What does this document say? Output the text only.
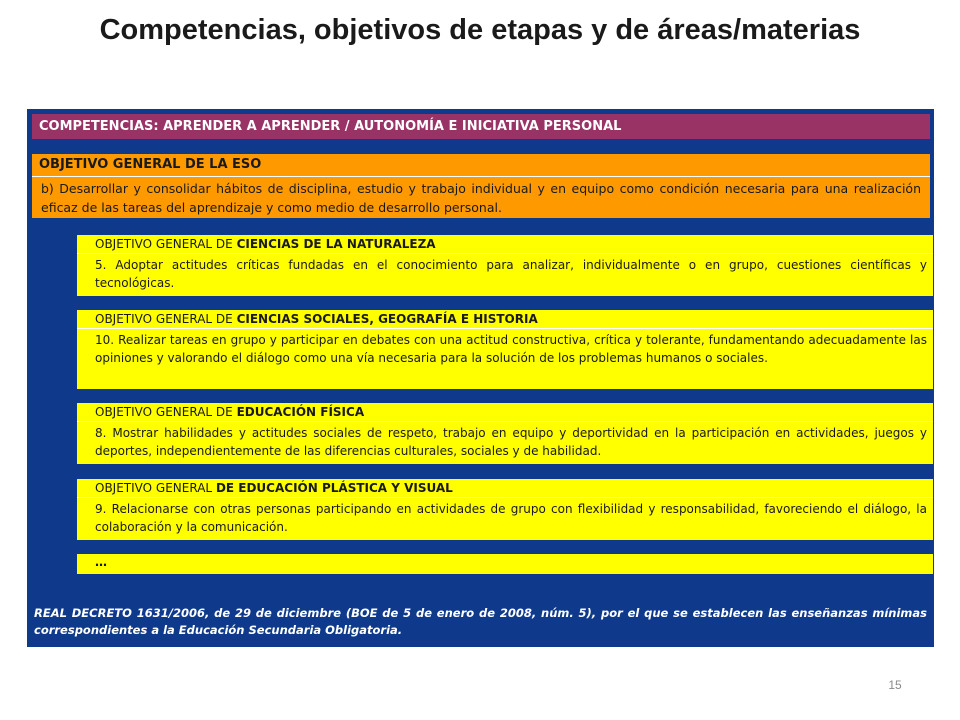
Competencias, objetivos de etapas y de áreas/materias
COMPETENCIAS: APRENDER A APRENDER / AUTONOMÍA E INICIATIVA PERSONAL
OBJETIVO GENERAL DE LA ESO
b) Desarrollar y consolidar hábitos de disciplina, estudio y trabajo individual y en equipo como condición necesaria para una realización eficaz de las tareas del aprendizaje y como medio de desarrollo personal.
OBJETIVO GENERAL DE CIENCIAS DE LA NATURALEZA
5. Adoptar actitudes críticas fundadas en el conocimiento para analizar, individualmente o en grupo, cuestiones científicas y tecnológicas.
OBJETIVO GENERAL DE CIENCIAS SOCIALES, GEOGRAFÍA E HISTORIA
10. Realizar tareas en grupo y participar en debates con una actitud constructiva, crítica y tolerante, fundamentando adecuadamente las opiniones y valorando el diálogo como una vía necesaria para la solución de los problemas humanos o sociales.
OBJETIVO GENERAL DE EDUCACIÓN FÍSICA
8. Mostrar habilidades y actitudes sociales de respeto, trabajo en equipo y deportividad en la participación en actividades, juegos y deportes, independientemente de las diferencias culturales, sociales y de habilidad.
OBJETIVO GENERAL DE EDUCACIÓN PLÁSTICA Y VISUAL
9. Relacionarse con otras personas participando en actividades de grupo con flexibilidad y responsabilidad, favoreciendo el diálogo, la colaboración y la comunicación.
…
REAL DECRETO 1631/2006, de 29 de diciembre (BOE de 5 de enero de 2008, núm. 5), por el que se establecen las enseñanzas mínimas correspondientes a la Educación Secundaria Obligatoria.
15
